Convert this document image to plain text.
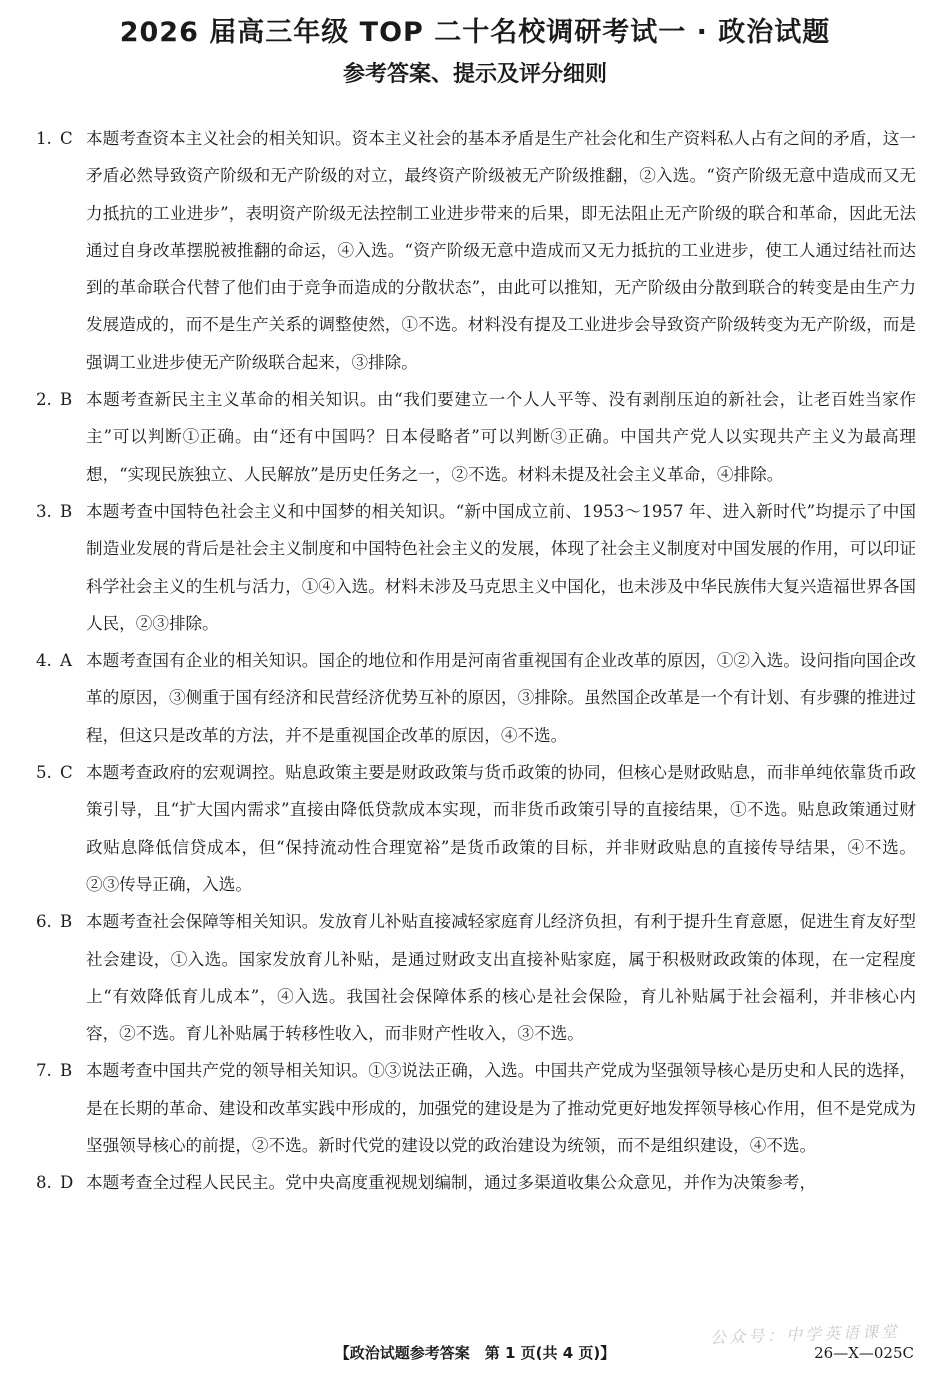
2026 届高三年级 TOP 二十名校调研考试一 · 政治试题
参考答案、提示及评分细则
1. C 本题考查资本主义社会的相关知识。资本主义社会的基本矛盾是生产社会化和生产资料私人占有之间的矛盾，这一矛盾必然导致资产阶级和无产阶级的对立，最终资产阶级被无产阶级推翻，②入选。“资产阶级无意中造成而又无力抵抗的工业进步”，表明资产阶级无法控制工业进步带来的后果，即无法阻止无产阶级的联合和革命，因此无法通过自身改革摆脱被推翻的命运，④入选。“资产阶级无意中造成而又无力抵抗的工业进步，使工人通过结社而达到的革命联合代替了他们由于竞争而造成的分散状态”，由此可以推知，无产阶级由分散到联合的转变是由生产力发展造成的，而不是生产关系的调整使然，①不选。材料没有提及工业进步会导致资产阶级转变为无产阶级，而是强调工业进步使无产阶级联合起来，③排除。
2. B 本题考查新民主主义革命的相关知识。由“我们要建立一个人人平等、没有剥削压迫的新社会，让老百姓当家作主”可以判断①正确。由“还有中国吗？日本侵略者”可以判断③正确。中国共产党人以实现共产主义为最高理想，“实现民族独立、人民解放”是历史任务之一，②不选。材料未提及社会主义革命，④排除。
3. B 本题考查中国特色社会主义和中国梦的相关知识。“新中国成立前、1953～1957 年、进入新时代”均提示了中国制造业发展的背后是社会主义制度和中国特色社会主义的发展，体现了社会主义制度对中国发展的作用，可以印证科学社会主义的生机与活力，①④入选。材料未涉及马克思主义中国化，也未涉及中华民族伟大复兴造福世界各国人民，②③排除。
4. A 本题考查国有企业的相关知识。国企的地位和作用是河南省重视国有企业改革的原因，①②入选。设问指向国企改革的原因，③侧重于国有经济和民营经济优势互补的原因，③排除。虽然国企改革是一个有计划、有步骤的推进过程，但这只是改革的方法，并不是重视国企改革的原因，④不选。
5. C 本题考查政府的宏观调控。贴息政策主要是财政政策与货币政策的协同，但核心是财政贴息，而非单纯依靠货币政策引导，且“扩大国内需求”直接由降低贷款成本实现，而非货币政策引导的直接结果，①不选。贴息政策通过财政贴息降低信贷成本，但“保持流动性合理宽裕”是货币政策的目标，并非财政贴息的直接传导结果，④不选。②③传导正确，入选。
6. B 本题考查社会保障等相关知识。发放育儿补贴直接减轻家庭育儿经济负担，有利于提升生育意愿，促进生育友好型社会建设，①入选。国家发放育儿补贴，是通过财政支出直接补贴家庭，属于积极财政政策的体现，在一定程度上“有效降低育儿成本”，④入选。我国社会保障体系的核心是社会保险，育儿补贴属于社会福利，并非核心内容，②不选。育儿补贴属于转移性收入，而非财产性收入，③不选。
7. B 本题考查中国共产党的领导相关知识。①③说法正确，入选。中国共产党成为坚强领导核心是历史和人民的选择，是在长期的革命、建设和改革实践中形成的，加强党的建设是为了推动党更好地发挥领导核心作用，但不是党成为坚强领导核心的前提，②不选。新时代党的建设以党的政治建设为统领，而不是组织建设，④不选。
8. D 本题考查全过程人民民主。党中央高度重视规划编制，通过多渠道收集公众意见，并作为决策参考，
公众号：中学英语课堂
【政治试题参考答案　第 1 页(共 4 页)】	26—X—025C
